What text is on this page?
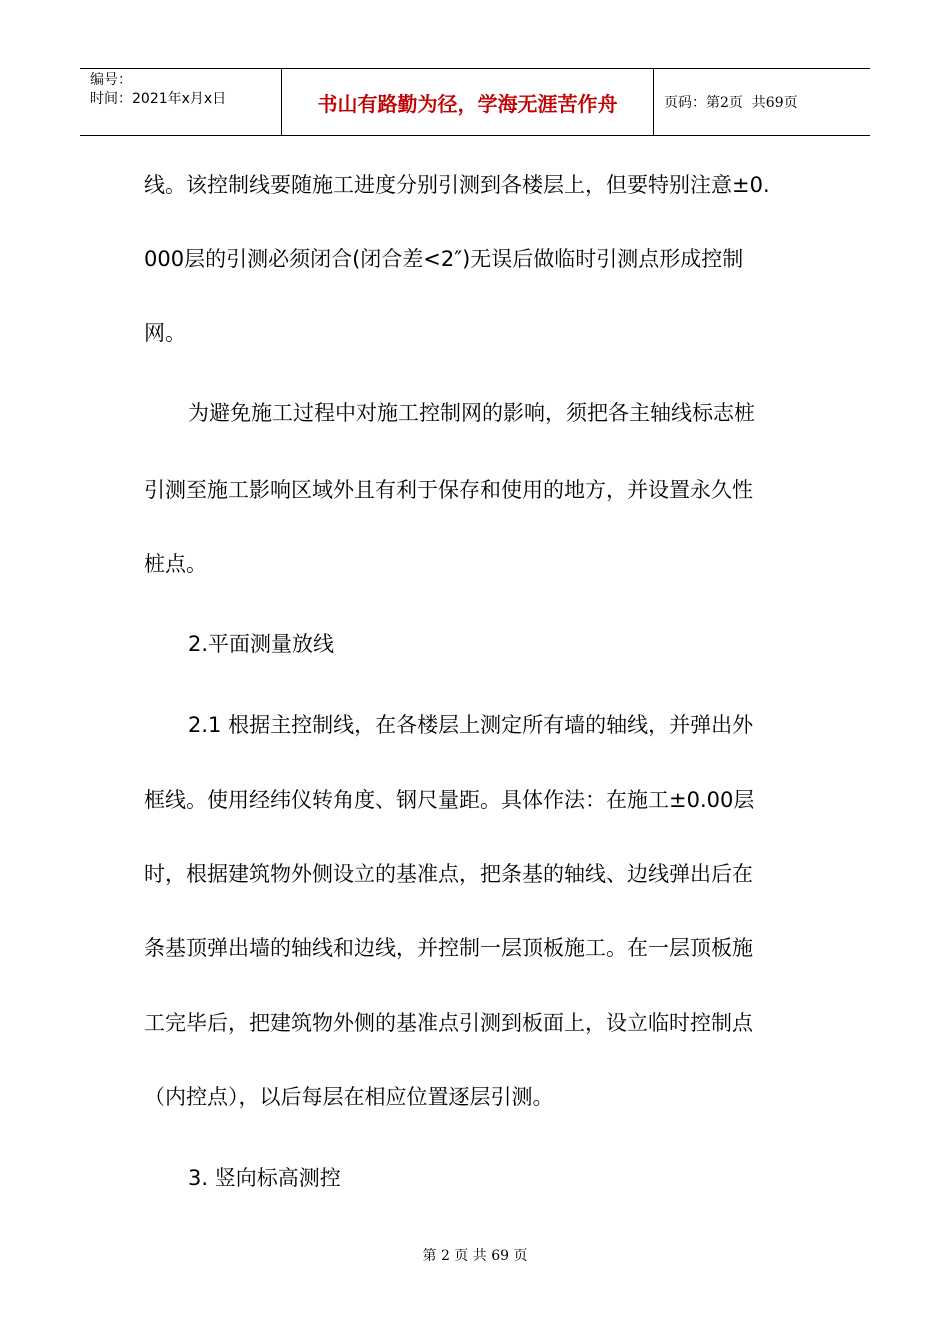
编号：
时间：2021年x月x日	书山有路勤为径，学海无涯苦作舟	页码：第2页  共69页
线。该控制线要随施工进度分别引测到各楼层上，但要特别注意±0.
000层的引测必须闭合(闭合差<2″)无误后做临时引测点形成控制
网。
为避免施工过程中对施工控制网的影响，须把各主轴线标志桩
引测至施工影响区域外且有利于保存和使用的地方，并设置永久性
桩点。
2.平面测量放线
2.1 根据主控制线，在各楼层上测定所有墙的轴线，并弹出外
框线。使用经纬仪转角度、钢尺量距。具体作法：在施工±0.00层
时，根据建筑物外侧设立的基准点，把条基的轴线、边线弹出后在
条基顶弹出墙的轴线和边线，并控制一层顶板施工。在一层顶板施
工完毕后，把建筑物外侧的基准点引测到板面上，设立临时控制点
（内控点），以后每层在相应位置逐层引测。
3. 竖向标高测控
第 2 页 共 69 页
